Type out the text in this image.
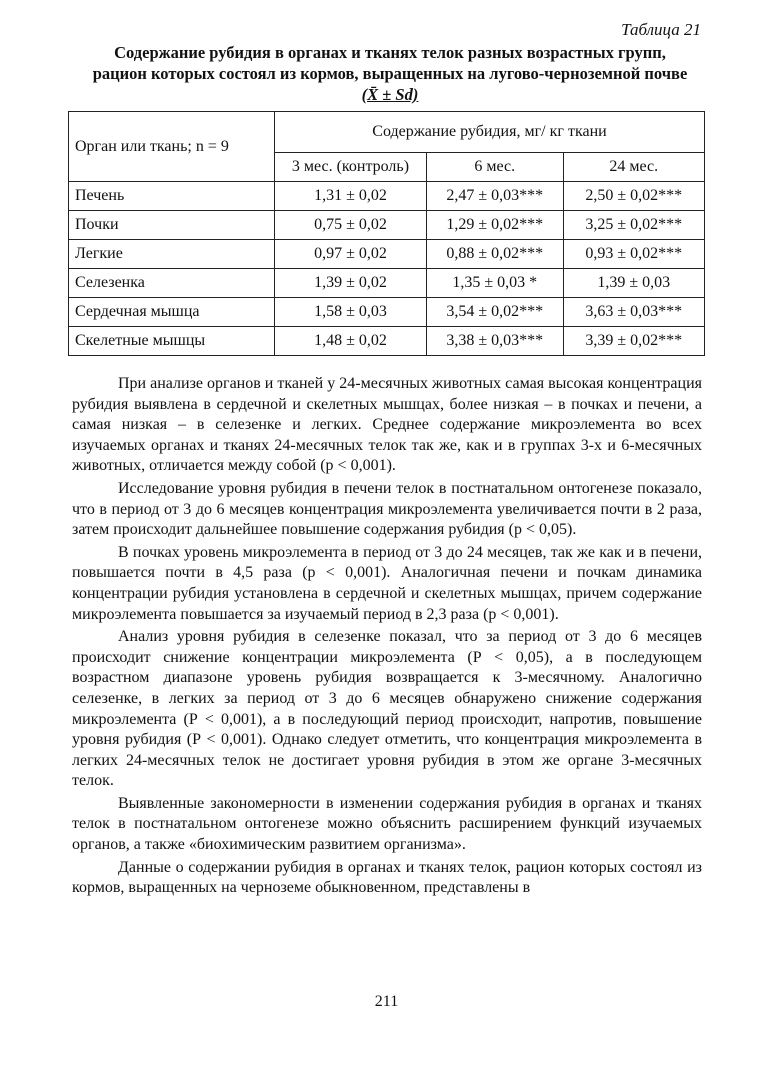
Таблица 21
Содержание рубидия в органах и тканях телок разных возрастных групп,
рацион которых состоял из кормов, выращенных на лугово-черноземной почве
(X̄ ± Sd)
Орган или ткань; n = 9	Содержание рубидия, мг/ кг ткани		
	3 мес. (контроль)	6 мес.	24 мес.
Печень	1,31 ± 0,02	2,47 ± 0,03***	2,50 ± 0,02***
Почки	0,75 ± 0,02	1,29 ± 0,02***	3,25 ± 0,02***
Легкие	0,97 ± 0,02	0,88 ± 0,02***	0,93 ± 0,02***
Селезенка	1,39 ± 0,02	1,35 ± 0,03 *	1,39 ± 0,03
Сердечная мышца	1,58 ± 0,03	3,54 ± 0,02***	3,63 ± 0,03***
Скелетные мышцы	1,48 ± 0,02	3,38 ± 0,03***	3,39 ± 0,02***

При анализе органов и тканей у 24-месячных животных самая высокая концентрация рубидия выявлена в сердечной и скелетных мышцах, более низкая – в почках и печени, а самая низкая – в селезенке и легких. Среднее содержание микроэлемента во всех изучаемых органах и тканях 24-месячных телок так же, как и в группах 3-х и 6-месячных животных, отличается между собой (р < 0,001).

Исследование уровня рубидия в печени телок в постнатальном онтогенезе показало, что в период от 3 до 6 месяцев концентрация микроэлемента увеличивается почти в 2 раза, затем происходит дальнейшее повышение содержания рубидия (р < 0,05).

В почках уровень микроэлемента в период от 3 до 24 месяцев, так же как и в печени, повышается почти в 4,5 раза (р < 0,001). Аналогичная печени и почкам динамика концентрации рубидия установлена в сердечной и скелетных мышцах, причем содержание микроэлемента повышается за изучаемый период в 2,3 раза (р < 0,001).

Анализ уровня рубидия в селезенке показал, что за период от 3 до 6 месяцев происходит снижение концентрации микроэлемента (Р < 0,05), а в последующем возрастном диапазоне уровень рубидия возвращается к 3-месячному. Аналогично селезенке, в легких за период от 3 до 6 месяцев обнаружено снижение содержания микроэлемента (Р < 0,001), а в последующий период происходит, напротив, повышение уровня рубидия (Р < 0,001). Однако следует отметить, что концентрация микроэлемента в легких 24-месячных телок не достигает уровня рубидия в этом же органе 3-месячных телок.

Выявленные закономерности в изменении содержания рубидия в органах и тканях телок в постнатальном онтогенезе можно объяснить расширением функций изучаемых органов, а также «биохимическим развитием организма».

Данные о содержании рубидия в органах и тканях телок, рацион которых состоял из кормов, выращенных на черноземе обыкновенном, представлены в

211
